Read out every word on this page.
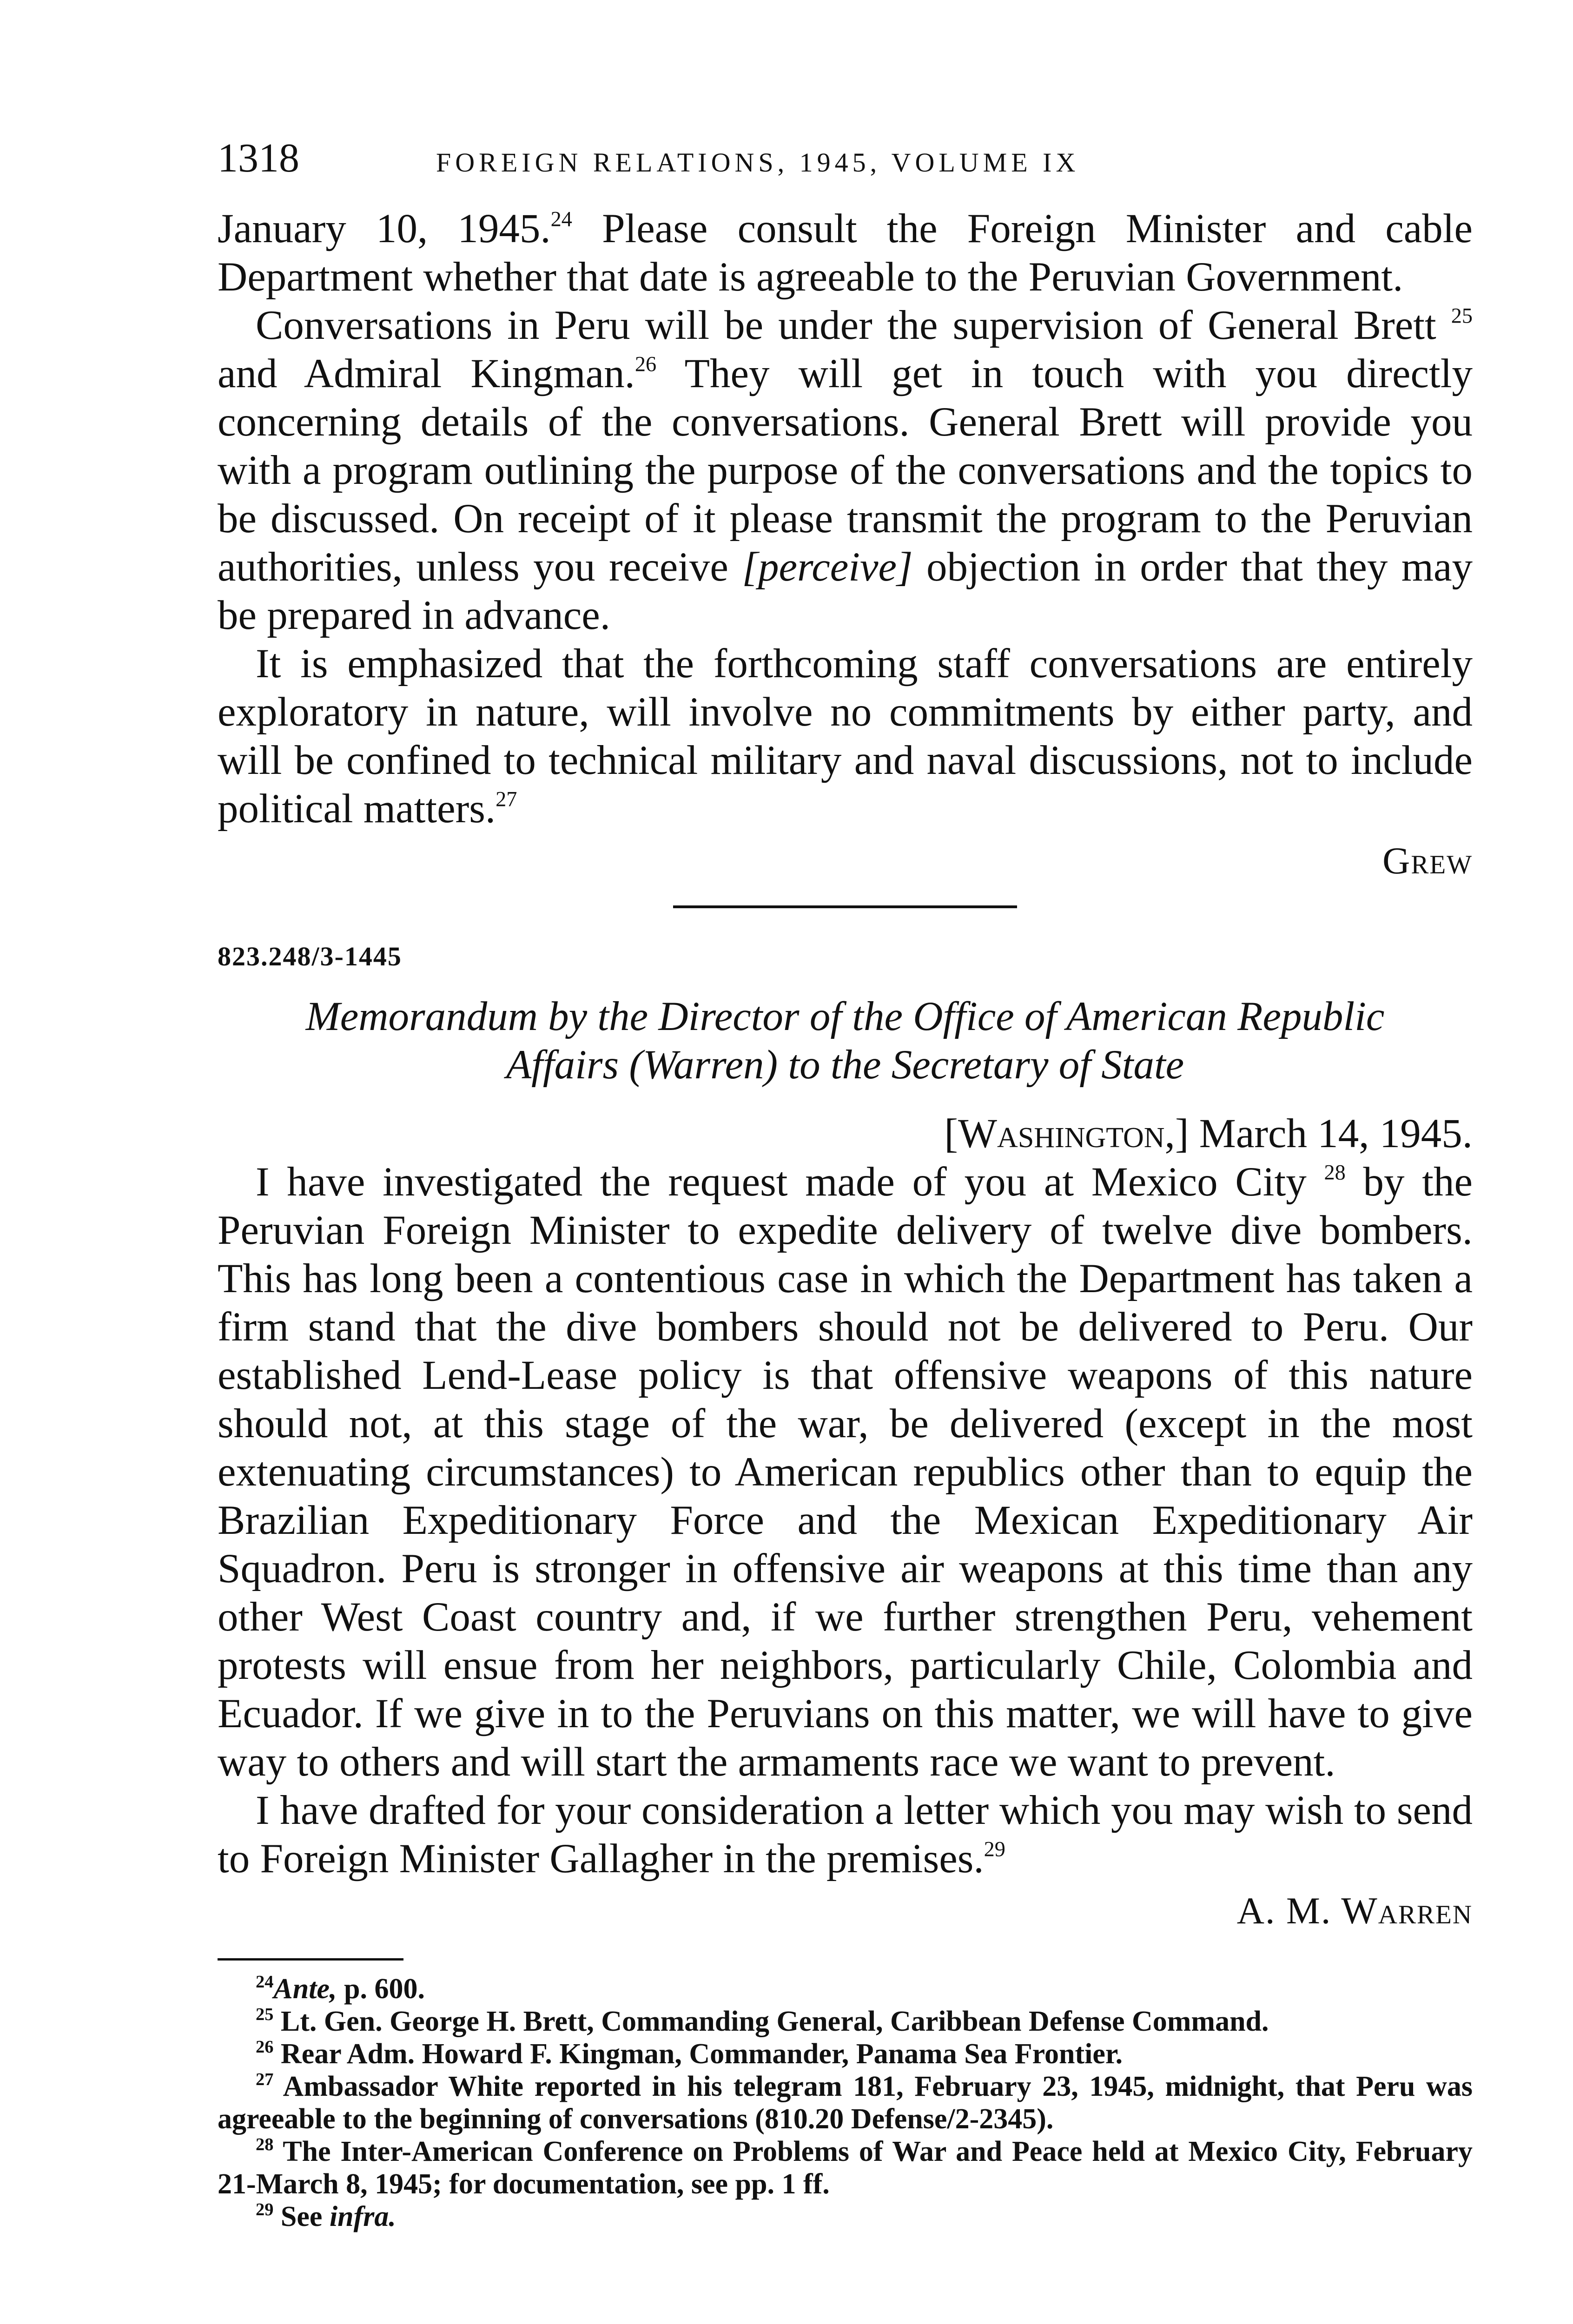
1318	FOREIGN RELATIONS, 1945, VOLUME IX

January 10, 1945.24 Please consult the Foreign Minister and cable Department whether that date is agreeable to the Peruvian Government.

Conversations in Peru will be under the supervision of General Brett $^{25}$ and Admiral Kingman.$^{26}$ They will get in touch with you directly concerning details of the conversations. General Brett will provide you with a program outlining the purpose of the conversations and the topics to be discussed. On receipt of it please transmit the program to the Peruvian authorities, unless you receive [perceive] objection in order that they may be prepared in advance.

It is emphasized that the forthcoming staff conversations are entirely exploratory in nature, will involve no commitments by either party, and will be confined to technical military and naval discussions, not to include political matters.$^{27}$

Grew
823.248/3-1445
Memorandum by the Director of the Office of American Republic
Affairs (Warren) to the Secretary of State
[Washington,] March 14, 1945.

I have investigated the request made of you at Mexico City $^{28}$ by the Peruvian Foreign Minister to expedite delivery of twelve dive bombers. This has long been a contentious case in which the Department has taken a firm stand that the dive bombers should not be delivered to Peru. Our established Lend-Lease policy is that offensive weapons of this nature should not, at this stage of the war, be delivered (except in the most extenuating circumstances) to American republics other than to equip the Brazilian Expeditionary Force and the Mexican Expeditionary Air Squadron. Peru is stronger in offensive air weapons at this time than any other West Coast country and, if we further strengthen Peru, vehement protests will ensue from her neighbors, particularly Chile, Colombia and Ecuador. If we give in to the Peruvians on this matter, we will have to give way to others and will start the armaments race we want to prevent.

I have drafted for your consideration a letter which you may wish to send to Foreign Minister Gallagher in the premises.$^{29}$

A. M. Warren

$^{24}$Ante, p. 600.

$^{25}$ Lt. Gen. George H. Brett, Commanding General, Caribbean Defense Command.

$^{26}$ Rear Adm. Howard F. Kingman, Commander, Panama Sea Frontier.

$^{27}$ Ambassador White reported in his telegram 181, February 23, 1945, midnight, that Peru was agreeable to the beginning of conversations (810.20 Defense/2-2345).

$^{28}$ The Inter-American Conference on Problems of War and Peace held at Mexico City, February 21-March 8, 1945; for documentation, see pp. 1 ff.

$^{29}$ See infra.
